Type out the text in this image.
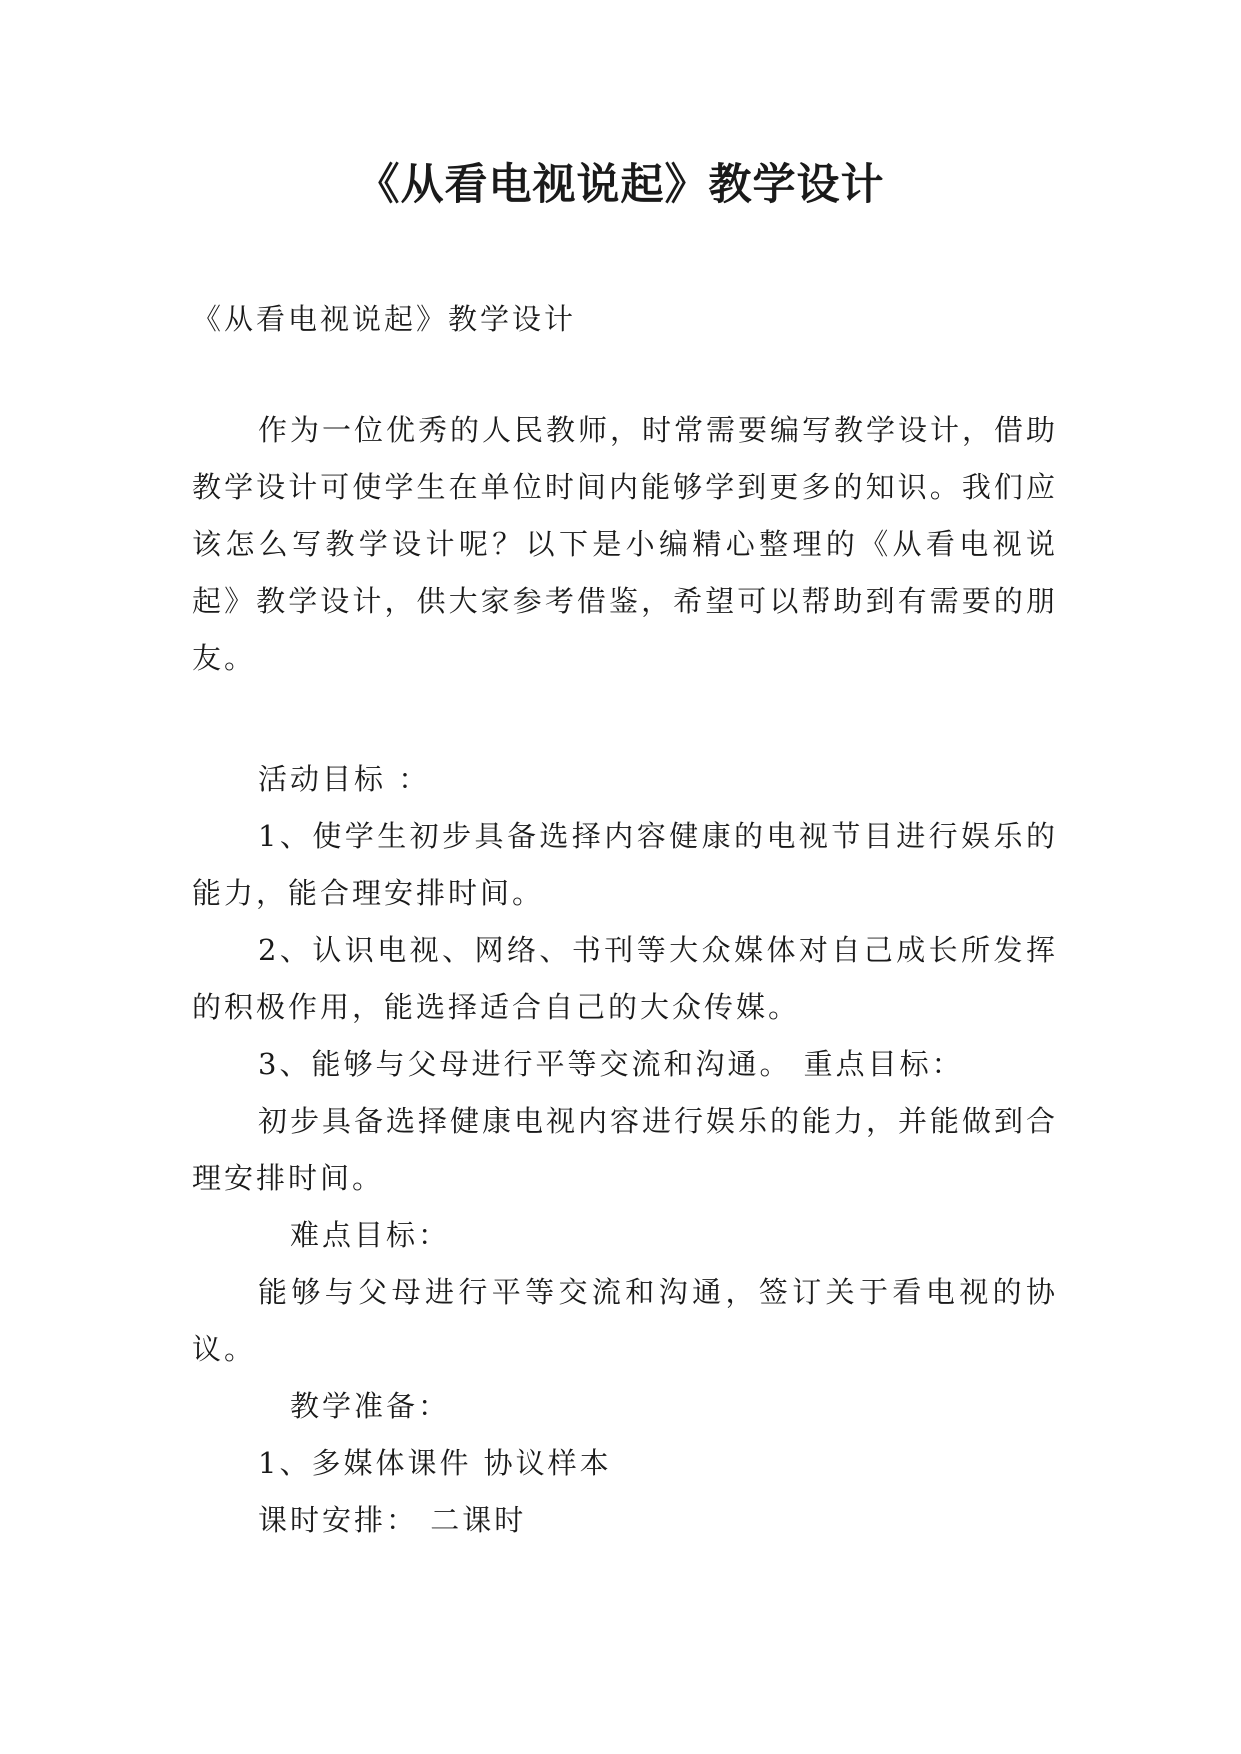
《从看电视说起》教学设计

《从看电视说起》教学设计

作为一位优秀的人民教师，时常需要编写教学设计，借助教学设计可使学生在单位时间内能够学到更多的知识。我们应该怎么写教学设计呢？以下是小编精心整理的《从看电视说起》教学设计，供大家参考借鉴，希望可以帮助到有需要的朋友。

活动目标 ：

1、使学生初步具备选择内容健康的电视节目进行娱乐的能力，能合理安排时间。

2、认识电视、网络、书刊等大众媒体对自己成长所发挥的积极作用，能选择适合自己的大众传媒。

3、能够与父母进行平等交流和沟通。 重点目标：

初步具备选择健康电视内容进行娱乐的能力，并能做到合理安排时间。

难点目标：

能够与父母进行平等交流和沟通，签订关于看电视的协议。

教学准备：

1、多媒体课件 协议样本

课时安排： 二课时
